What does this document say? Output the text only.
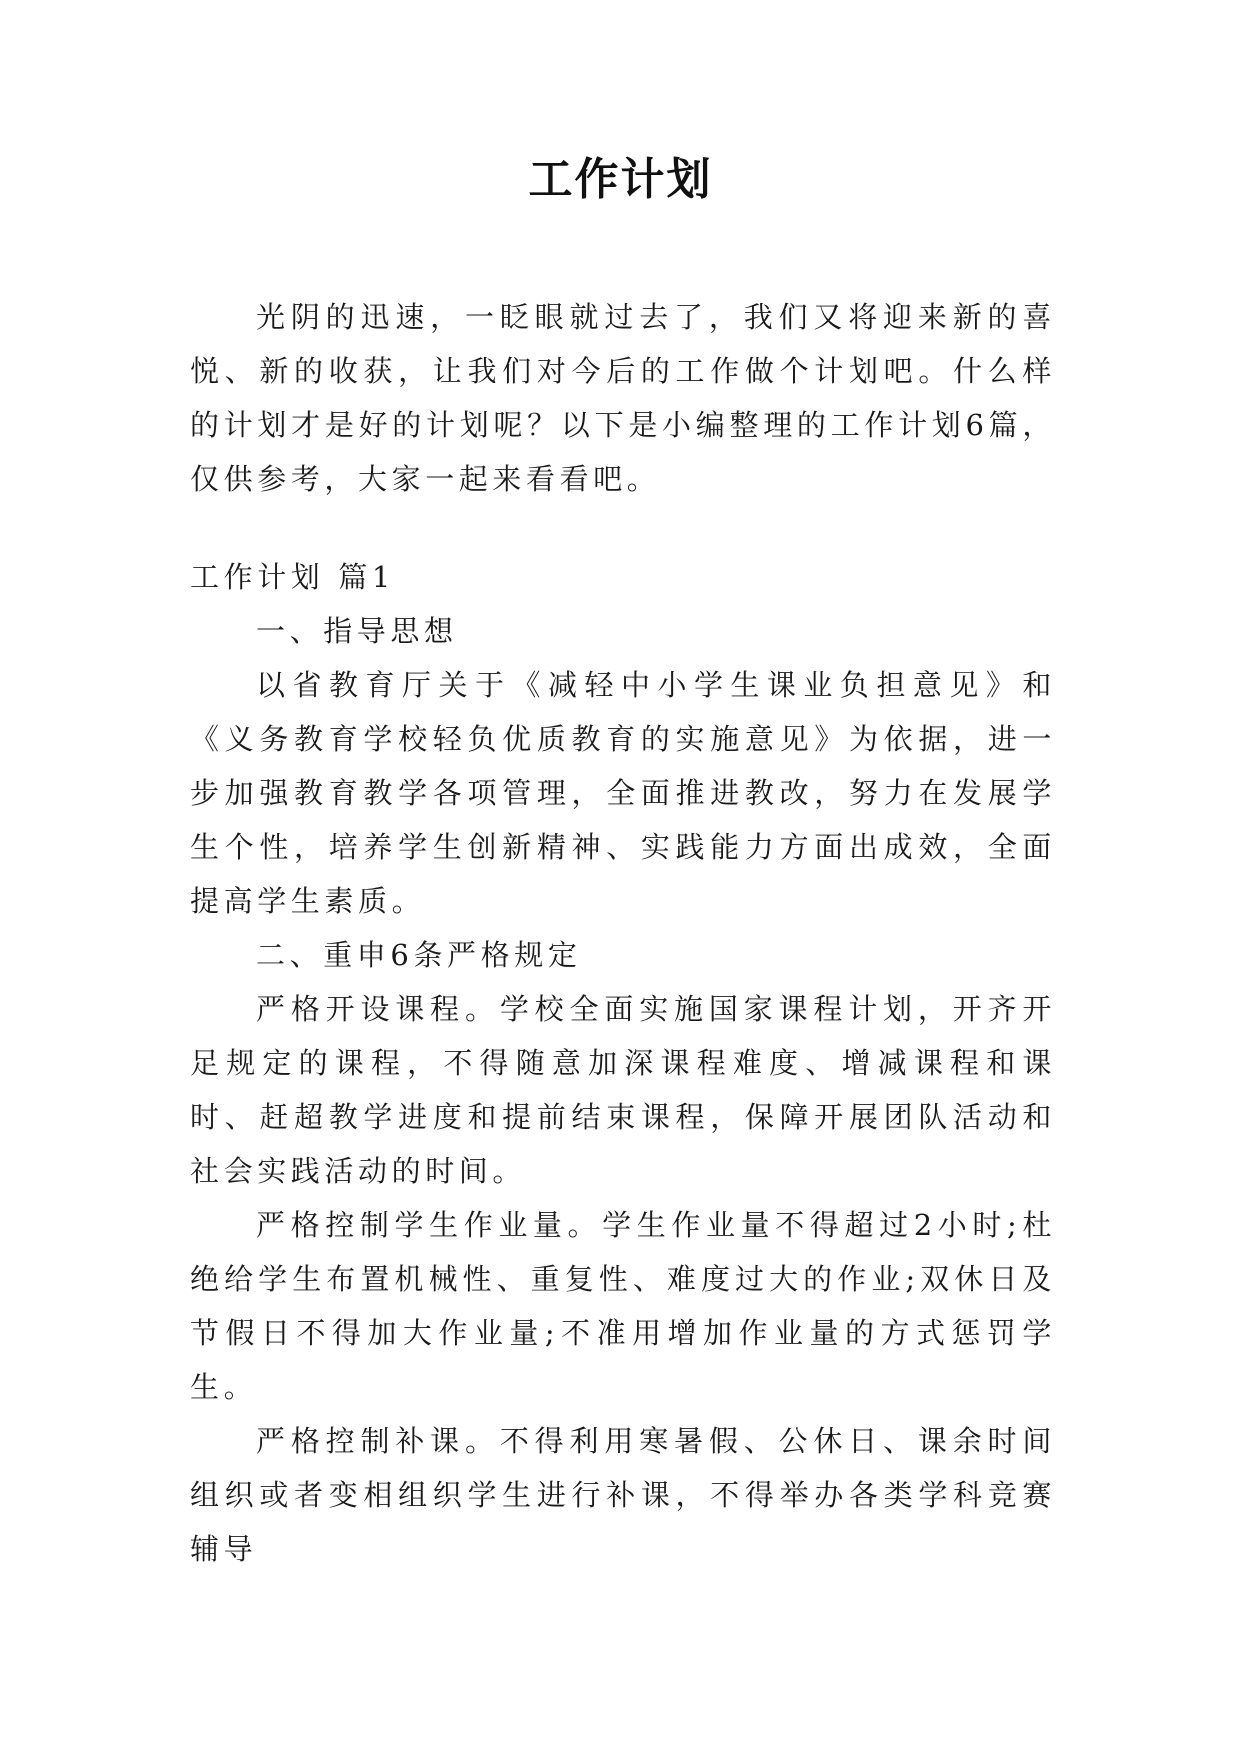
工作计划

光阴的迅速，一眨眼就过去了，我们又将迎来新的喜悦、新的收获，让我们对今后的工作做个计划吧。什么样的计划才是好的计划呢？以下是小编整理的工作计划6篇，仅供参考，大家一起来看看吧。

工作计划 篇1

一、指导思想

以省教育厅关于《减轻中小学生课业负担意见》和《义务教育学校轻负优质教育的实施意见》为依据，进一步加强教育教学各项管理，全面推进教改，努力在发展学生个性，培养学生创新精神、实践能力方面出成效，全面提高学生素质。

二、重申6条严格规定

严格开设课程。学校全面实施国家课程计划，开齐开足规定的课程，不得随意加深课程难度、增减课程和课时、赶超教学进度和提前结束课程，保障开展团队活动和社会实践活动的时间。

严格控制学生作业量。学生作业量不得超过2小时;杜绝给学生布置机械性、重复性、难度过大的作业;双休日及节假日不得加大作业量;不准用增加作业量的方式惩罚学生。

严格控制补课。不得利用寒暑假、公休日、课余时间组织或者变相组织学生进行补课，不得举办各类学科竞赛辅导
